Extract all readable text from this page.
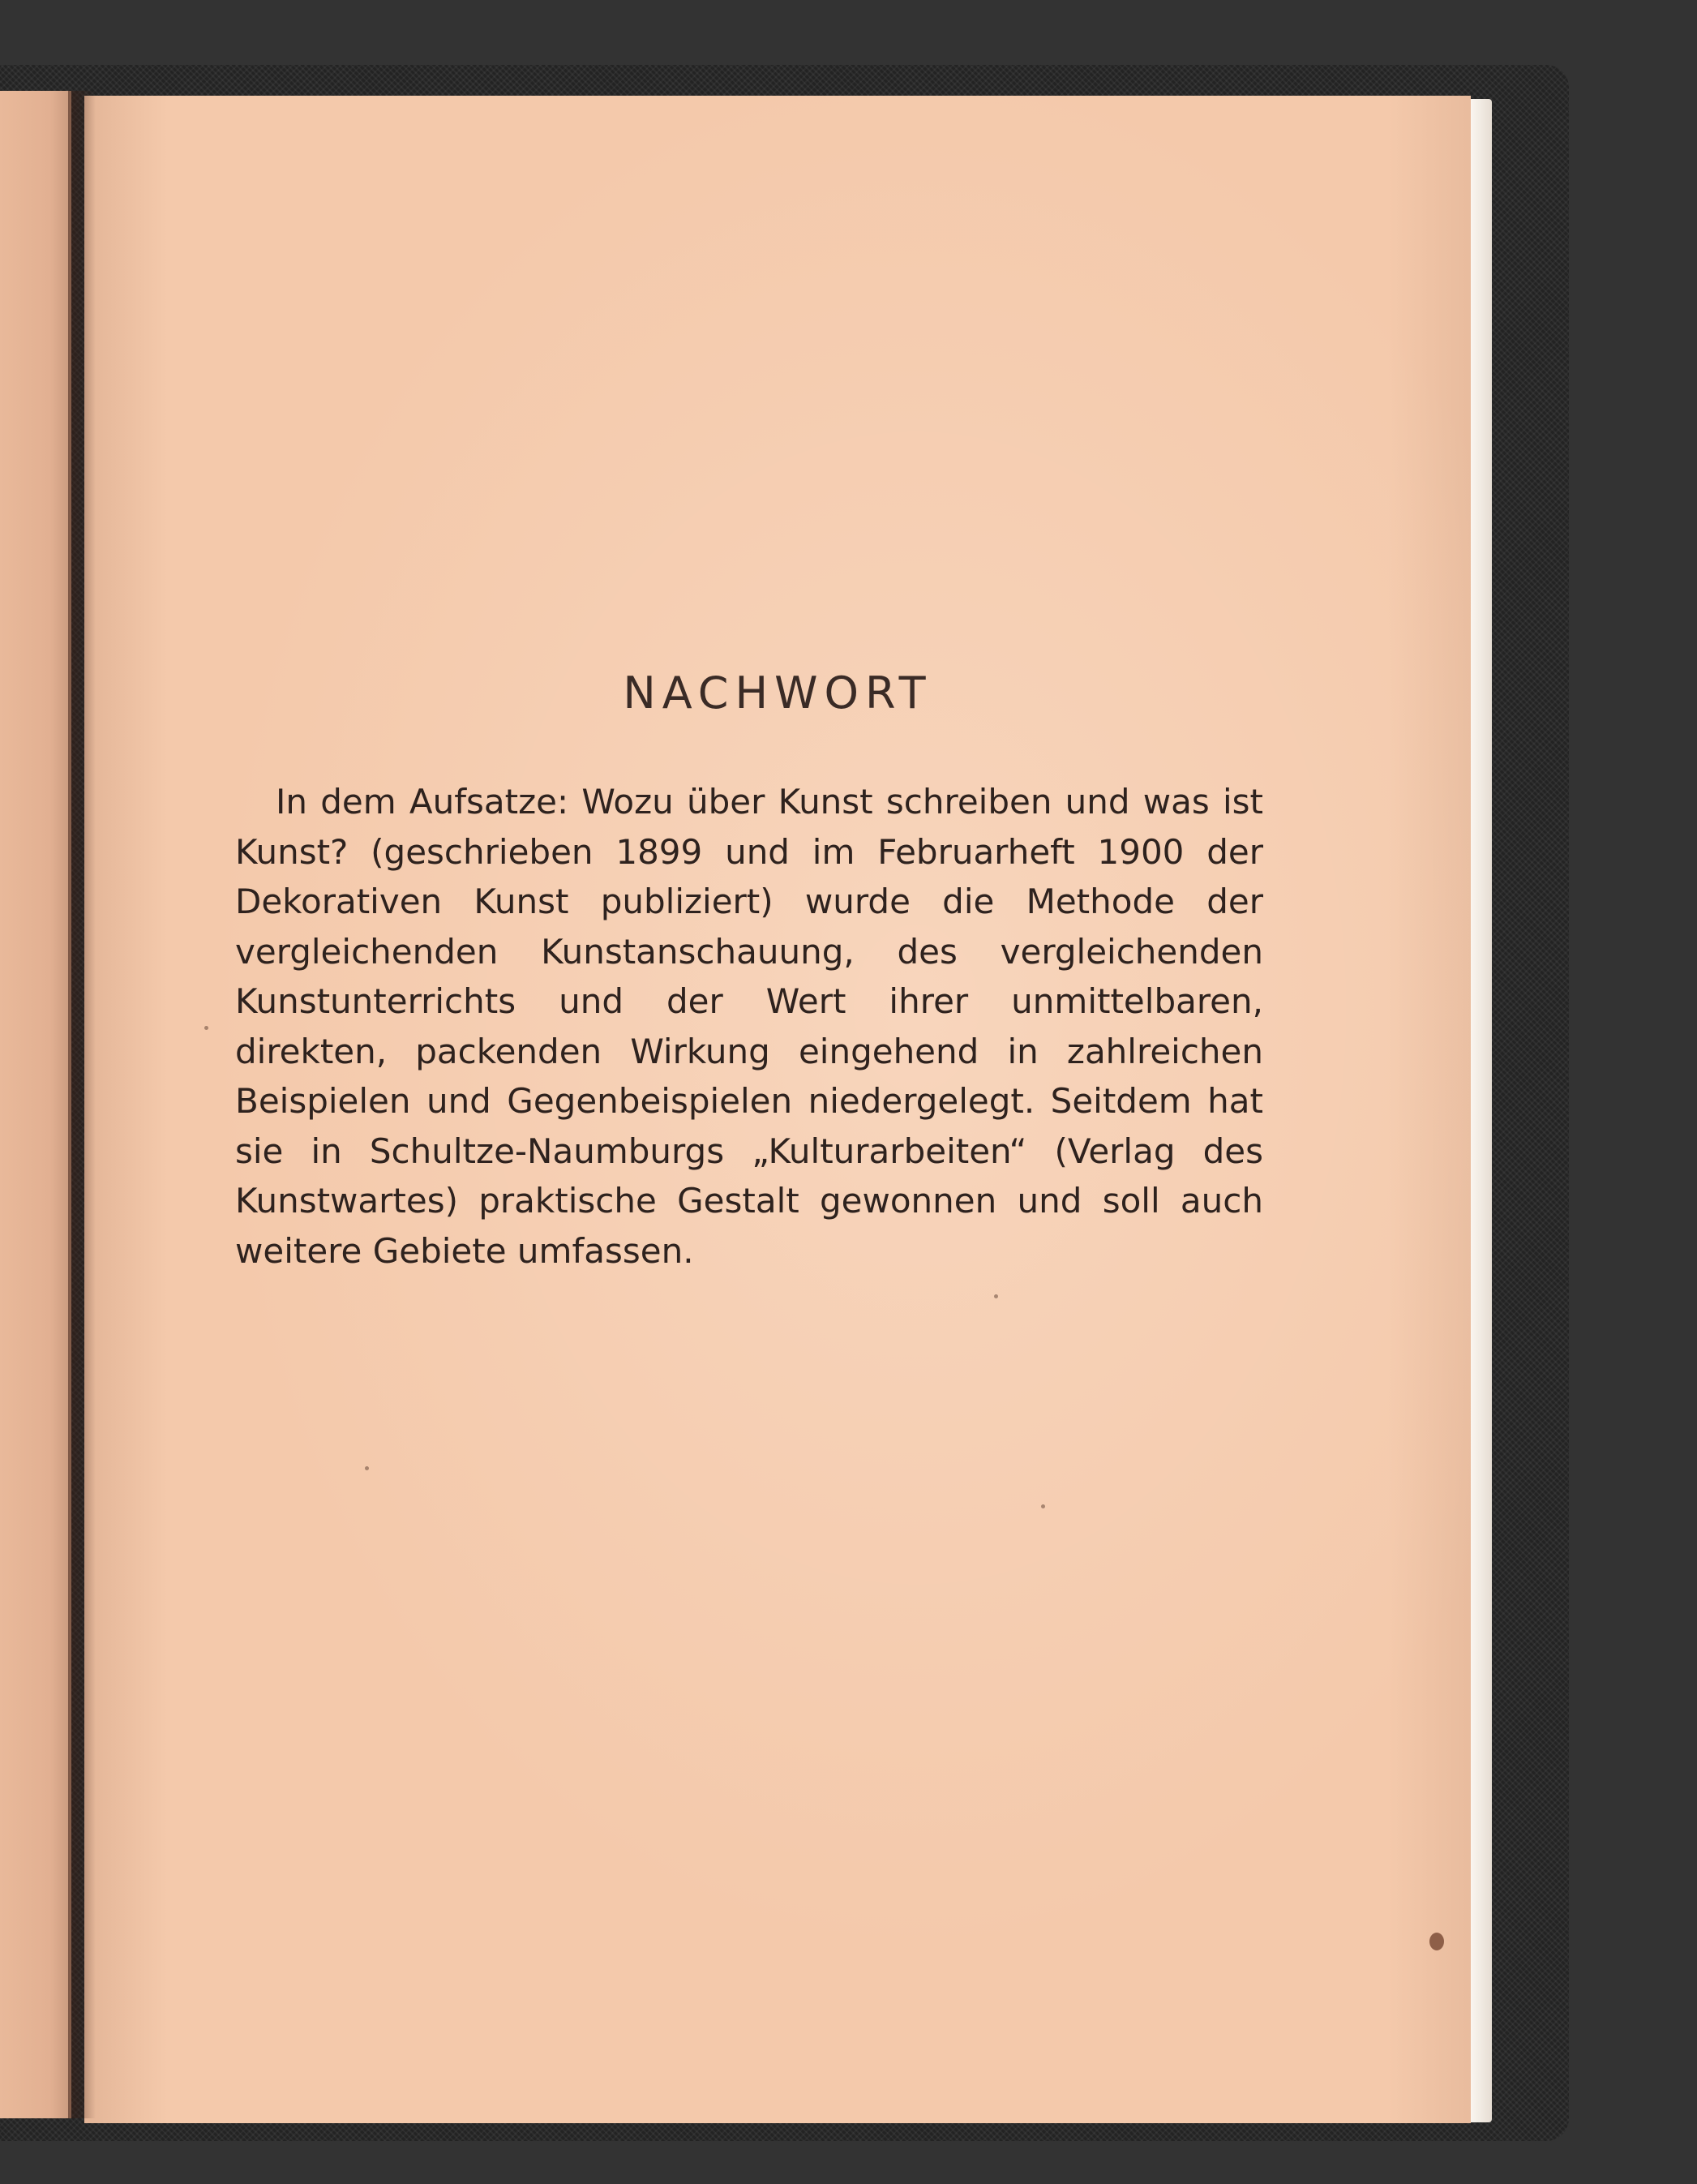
NACHWORT

In dem Aufsatze: Wozu über Kunst schreiben und was ist Kunst? (geschrieben 1899 und im Februarheft 1900 der Dekorativen Kunst publiziert) wurde die Methode der vergleichenden Kunstanschauung, des vergleichenden Kunstunterrichts und der Wert ihrer unmittelbaren, direkten, packenden Wirkung eingehend in zahlreichen Beispielen und Gegenbeispielen niedergelegt. Seitdem hat sie in Schultze-Naumburgs „Kulturarbeiten“ (Verlag des Kunstwartes) praktische Gestalt gewonnen und soll auch weitere Gebiete umfassen.
